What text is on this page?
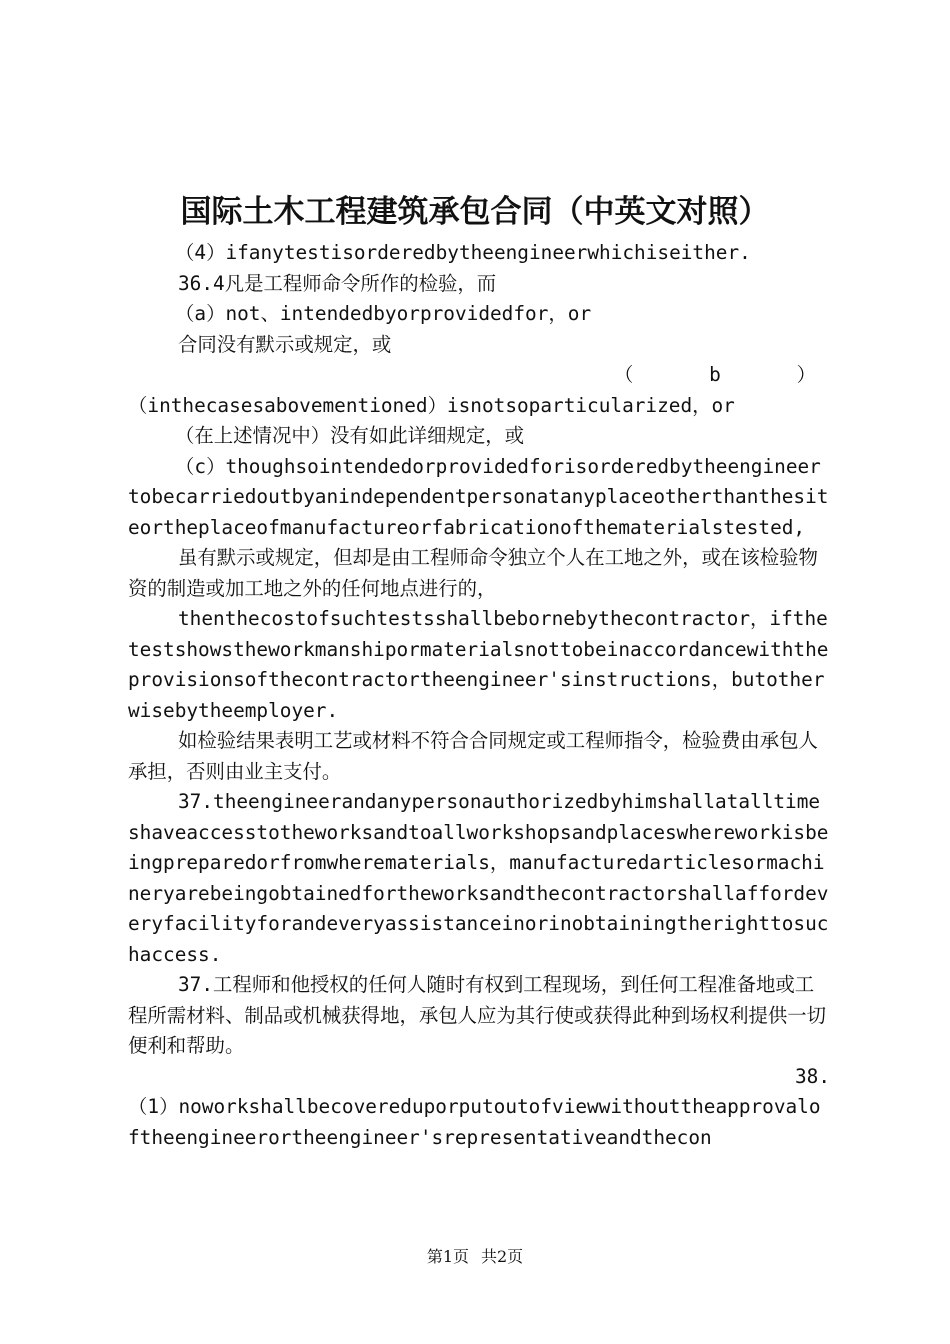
国际土木工程建筑承包合同（中英文对照）

（4）ifanytestisorderedbytheengineerwhichiseither.

36.4凡是工程师命令所作的检验，而

（a）not、intendedbyorprovidedfor，or

合同没有默示或规定，或

（	b	）

（inthecasesabovementioned）isnotsoparticularized，or

（在上述情况中）没有如此详细规定，或

（c）thoughsointendedorprovidedforisorderedbytheengineertobecarriedoutbyanindependentpersonatanyplaceotherthanthesiteortheplaceofmanufactureorfabricationofthematerialstested,

虽有默示或规定，但却是由工程师命令独立个人在工地之外，或在该检验物资的制造或加工地之外的任何地点进行的，

thenthecostofsuchtestsshallbebornebythecontractor，ifthetestshowstheworkmanshipormaterialsnottobeinaccordancewiththeprovisionsofthecontractortheengineer'sinstructions，butotherwisebytheemployer.

如检验结果表明工艺或材料不符合合同规定或工程师指令，检验费由承包人承担，否则由业主支付。

37.theengineerandanypersonauthorizedbyhimshallatalltimeshaveaccesstotheworksandtoallworkshopsandplaceswhereworkisbeingpreparedorfromwherematerials，manufacturedarticlesormachineryarebeingobtainedfortheworksandthecontractorshallaffordeveryfacilityforandeveryassistanceinorinobtainingtherighttosuchaccess.

37.工程师和他授权的任何人随时有权到工程现场，到任何工程准备地或工程所需材料、制品或机械获得地，承包人应为其行使或获得此种到场权利提供一切便利和帮助。

38.

（1）noworkshallbecovereduporputoutofviewwithouttheapprovaloftheengineerortheengineer'srepresentativeandthecon

第1页 共2页
